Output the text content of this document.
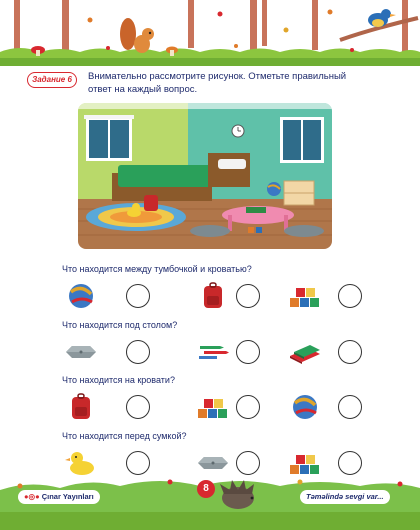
Задание 6	Внимательно рассмотрите рисунок. Отметьте правильный
ответ на каждый вопрос.
Что находится между тумбочкой и кроватью?
Что находится под столом?
Что находится на кровати?
Что находится перед сумкой?
●◎● Çınar Yayınları
8
Təməlində sevgi var...
